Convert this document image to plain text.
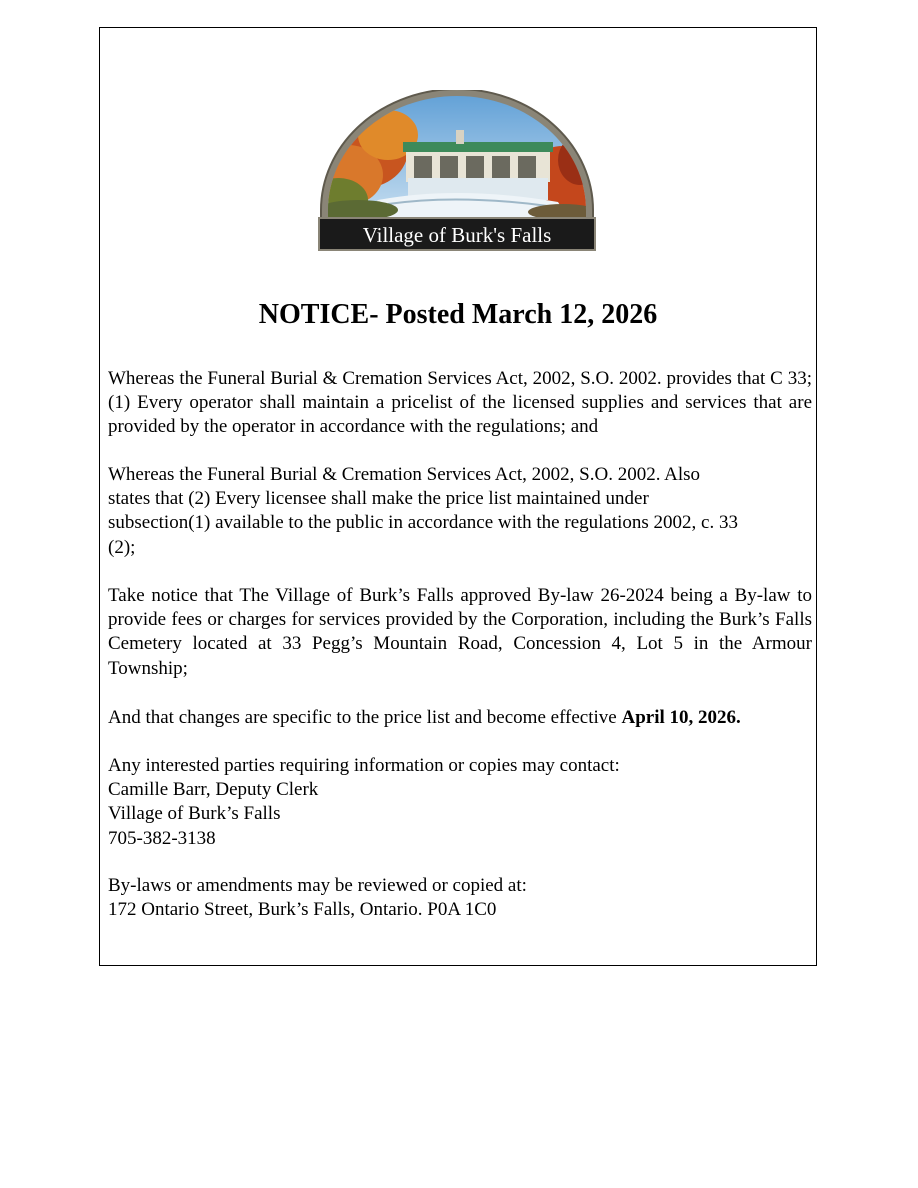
Village of Burk's Falls
NOTICE- Posted March 12, 2026

Whereas the Funeral Burial & Cremation Services Act, 2002, S.O. 2002. provides that C 33; (1) Every operator shall maintain a pricelist of the licensed supplies and services that are provided by the operator in accordance with the regulations; and

Whereas the Funeral Burial & Cremation Services Act, 2002, S.O. 2002. Also
states that (2) Every licensee shall make the price list maintained under
subsection(1) available to the public in accordance with the regulations 2002, c. 33
(2);

Take notice that The Village of Burk’s Falls approved By-law 26-2024 being a By-law to provide fees or charges for services provided by the Corporation, including the Burk’s Falls Cemetery located at 33 Pegg’s Mountain Road, Concession 4, Lot 5 in the Armour Township;

And that changes are specific to the price list and become effective April 10, 2026.

Any interested parties requiring information or copies may contact:
Camille Barr, Deputy Clerk
Village of Burk’s Falls
705-382-3138

By-laws or amendments may be reviewed or copied at:
172 Ontario Street, Burk’s Falls, Ontario. P0A 1C0
